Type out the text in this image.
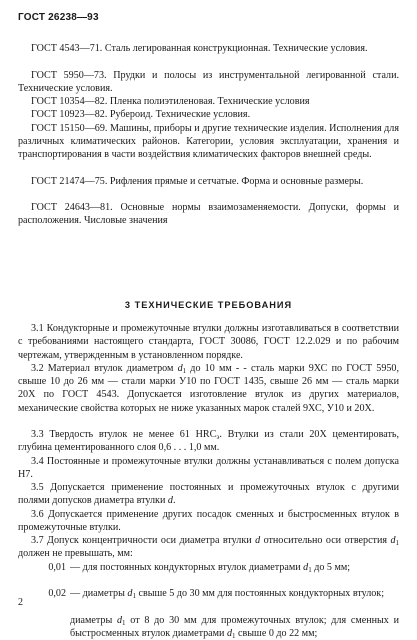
ГОСТ 26238—93

ГОСТ 4543—71. Сталь легированная конструкционная. Технические условия.

ГОСТ 5950—73. Прудки и полосы из инструментальной легированной стали. Технические условия.

ГОСТ 10354—82. Пленка полиэтиленовая. Технические условия

ГОСТ 10923—82. Рубероид. Технические условия.

ГОСТ 15150—69. Машины, приборы и другие технические изделия. Исполнения для различных климатических районов. Категории, условия эксплуатации, хранения и транспортирования в части воздействия климатических факторов внешней среды.

ГОСТ 21474—75. Рифления прямые и сетчатые. Форма и основные размеры.

ГОСТ 24643—81. Основные нормы взаимозаменяемости. Допуски, формы и расположения. Числовые значения

3 ТЕХНИЧЕСКИЕ ТРЕБОВАНИЯ

3.1 Кондукторные и промежуточные втулки должны изготавливаться в соответствии с требованиями настоящего стандарта, ГОСТ 30086, ГОСТ 12.2.029 и по рабочим чертежам, утвержденным в установленном порядке.

3.2 Материал втулок диаметром $d_1$ до 10 мм - - сталь марки 9ХС по ГОСТ 5950, свыше 10 до 26 мм — стали марки У10 по ГОСТ 1435, свыше 26 мм — сталь марки 20Х по ГОСТ 4543. Допускается изготовление втулок из других материалов, механические свойства которых не ниже указанных марок сталей 9ХС, У10 и 20Х.

3.3 Твердость втулок не менее 61 $HRC_э$. Втулки из стали 20Х цементировать, глубина цементированного слоя 0,6 . . . 1,0 мм.

3.4 Постоянные и промежуточные втулки должны устанавливаться с полем допуска H7.

3.5 Допускается применение постоянных и промежуточных втулок с другими полями допусков диаметра втулки d.

3.6 Допускается применение других посадок сменных и быстросменных втулок в промежуточные втулки.

3.7 Допуск концентричности оси диаметра втулки d относительно оси отверстия $d_1$ должен не превышать, мм:

0,01 — для постоянных кондукторных втулок диаметрами $d_1$ до 5 мм;
0,02 — диаметры $d_1$ свыше 5 до 30 мм для постоянных кондукторных втулок;
диаметры $d_1$ от 8 до 30 мм для промежуточных втулок; для сменных и быстросменных втулок диаметрами $d_1$ свыше 0 до 22 мм;
2
